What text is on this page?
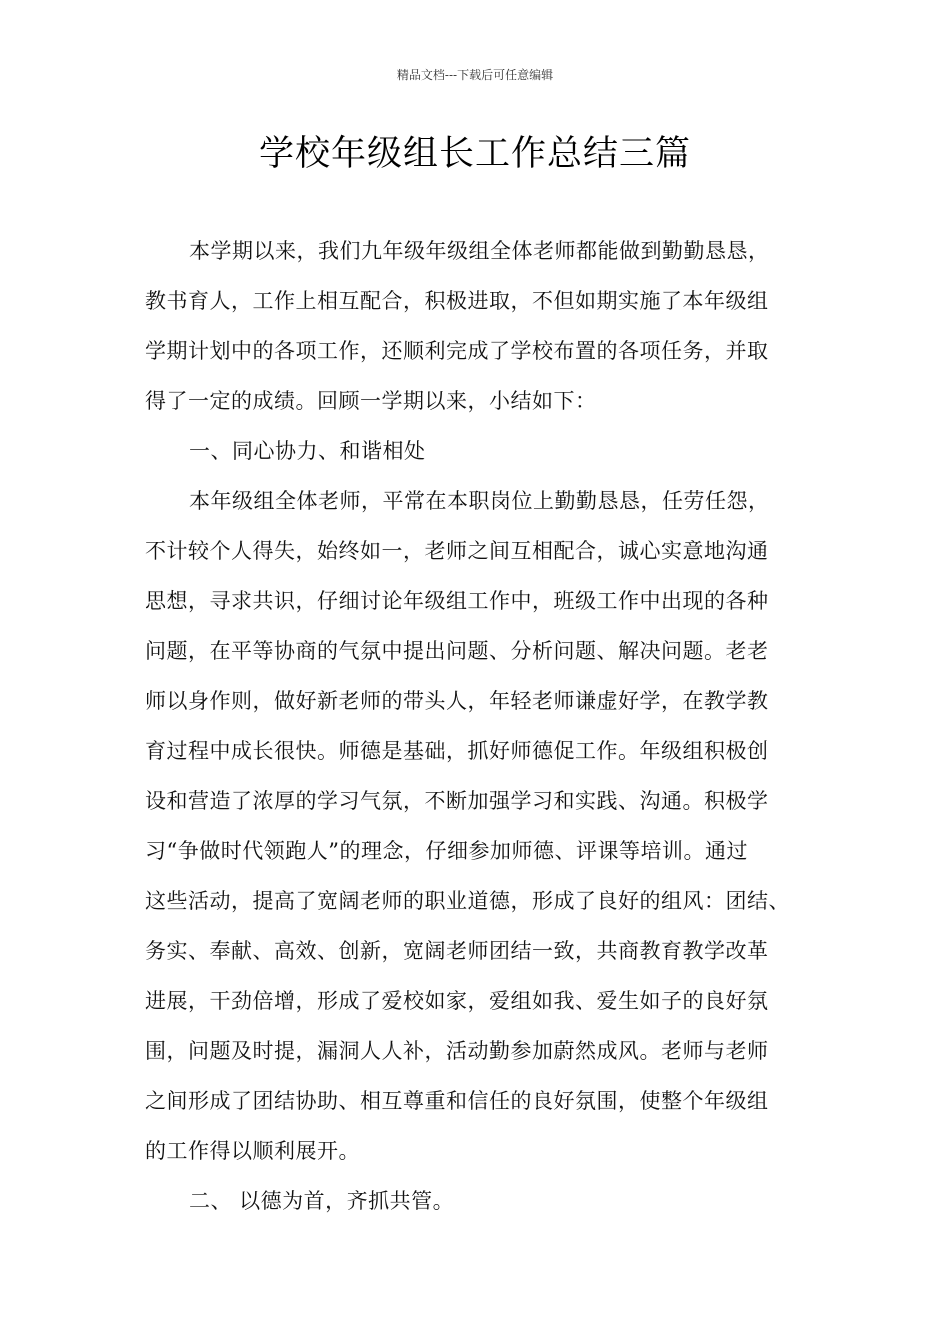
精品文档---下载后可任意编辑
学校年级组长工作总结三篇
本学期以来，我们九年级年级组全体老师都能做到勤勤恳恳，
教书育人，工作上相互配合，积极进取，不但如期实施了本年级组
学期计划中的各项工作，还顺利完成了学校布置的各项任务，并取
得了一定的成绩。回顾一学期以来，小结如下：
一、同心协力、和谐相处
本年级组全体老师，平常在本职岗位上勤勤恳恳，任劳任怨，
不计较个人得失，始终如一，老师之间互相配合，诚心实意地沟通
思想，寻求共识，仔细讨论年级组工作中，班级工作中出现的各种
问题，在平等协商的气氛中提出问题、分析问题、解决问题。老老
师以身作则，做好新老师的带头人，年轻老师谦虚好学，在教学教
育过程中成长很快。师德是基础，抓好师德促工作。年级组积极创
设和营造了浓厚的学习气氛，不断加强学习和实践、沟通。积极学
习“争做时代领跑人”的理念，仔细参加师德、评课等培训。通过
这些活动，提高了宽阔老师的职业道德，形成了良好的组风：团结、
务实、奉献、高效、创新，宽阔老师团结一致，共商教育教学改革
进展，干劲倍增，形成了爱校如家，爱组如我、爱生如子的良好氛
围，问题及时提，漏洞人人补，活动勤参加蔚然成风。老师与老师
之间形成了团结协助、相互尊重和信任的良好氛围，使整个年级组
的工作得以顺利展开。
二、 以德为首，齐抓共管。
